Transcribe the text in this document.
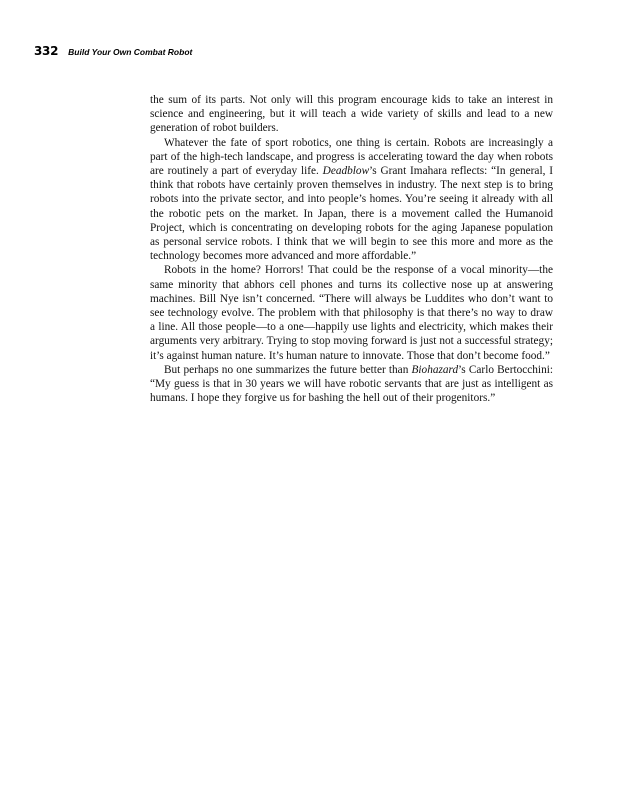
332 Build Your Own Combat Robot

the sum of its parts. Not only will this program encourage kids to take an interest in science and engineering, but it will teach a wide variety of skills and lead to a new generation of robot builders.

Whatever the fate of sport robotics, one thing is certain. Robots are increasingly a part of the high-tech landscape, and progress is accelerating toward the day when robots are routinely a part of everyday life. Deadblow’s Grant Imahara reflects: “In general, I think that robots have certainly proven themselves in industry. The next step is to bring robots into the private sector, and into people’s homes. You’re seeing it already with all the robotic pets on the market. In Japan, there is a movement called the Humanoid Project, which is concentrating on developing robots for the aging Japanese population as personal service robots. I think that we will begin to see this more and more as the technology becomes more advanced and more affordable.”

Robots in the home? Horrors! That could be the response of a vocal minority—the same minority that abhors cell phones and turns its collective nose up at answering machines. Bill Nye isn’t concerned. “There will always be Luddites who don’t want to see technology evolve. The problem with that philosophy is that there’s no way to draw a line. All those people—to a one—happily use lights and electricity, which makes their arguments very arbitrary. Trying to stop moving forward is just not a successful strategy; it’s against human nature. It’s human nature to innovate. Those that don’t become food.”

But perhaps no one summarizes the future better than Biohazard’s Carlo Bertocchini: “My guess is that in 30 years we will have robotic servants that are just as intelligent as humans. I hope they forgive us for bashing the hell out of their progenitors.”
